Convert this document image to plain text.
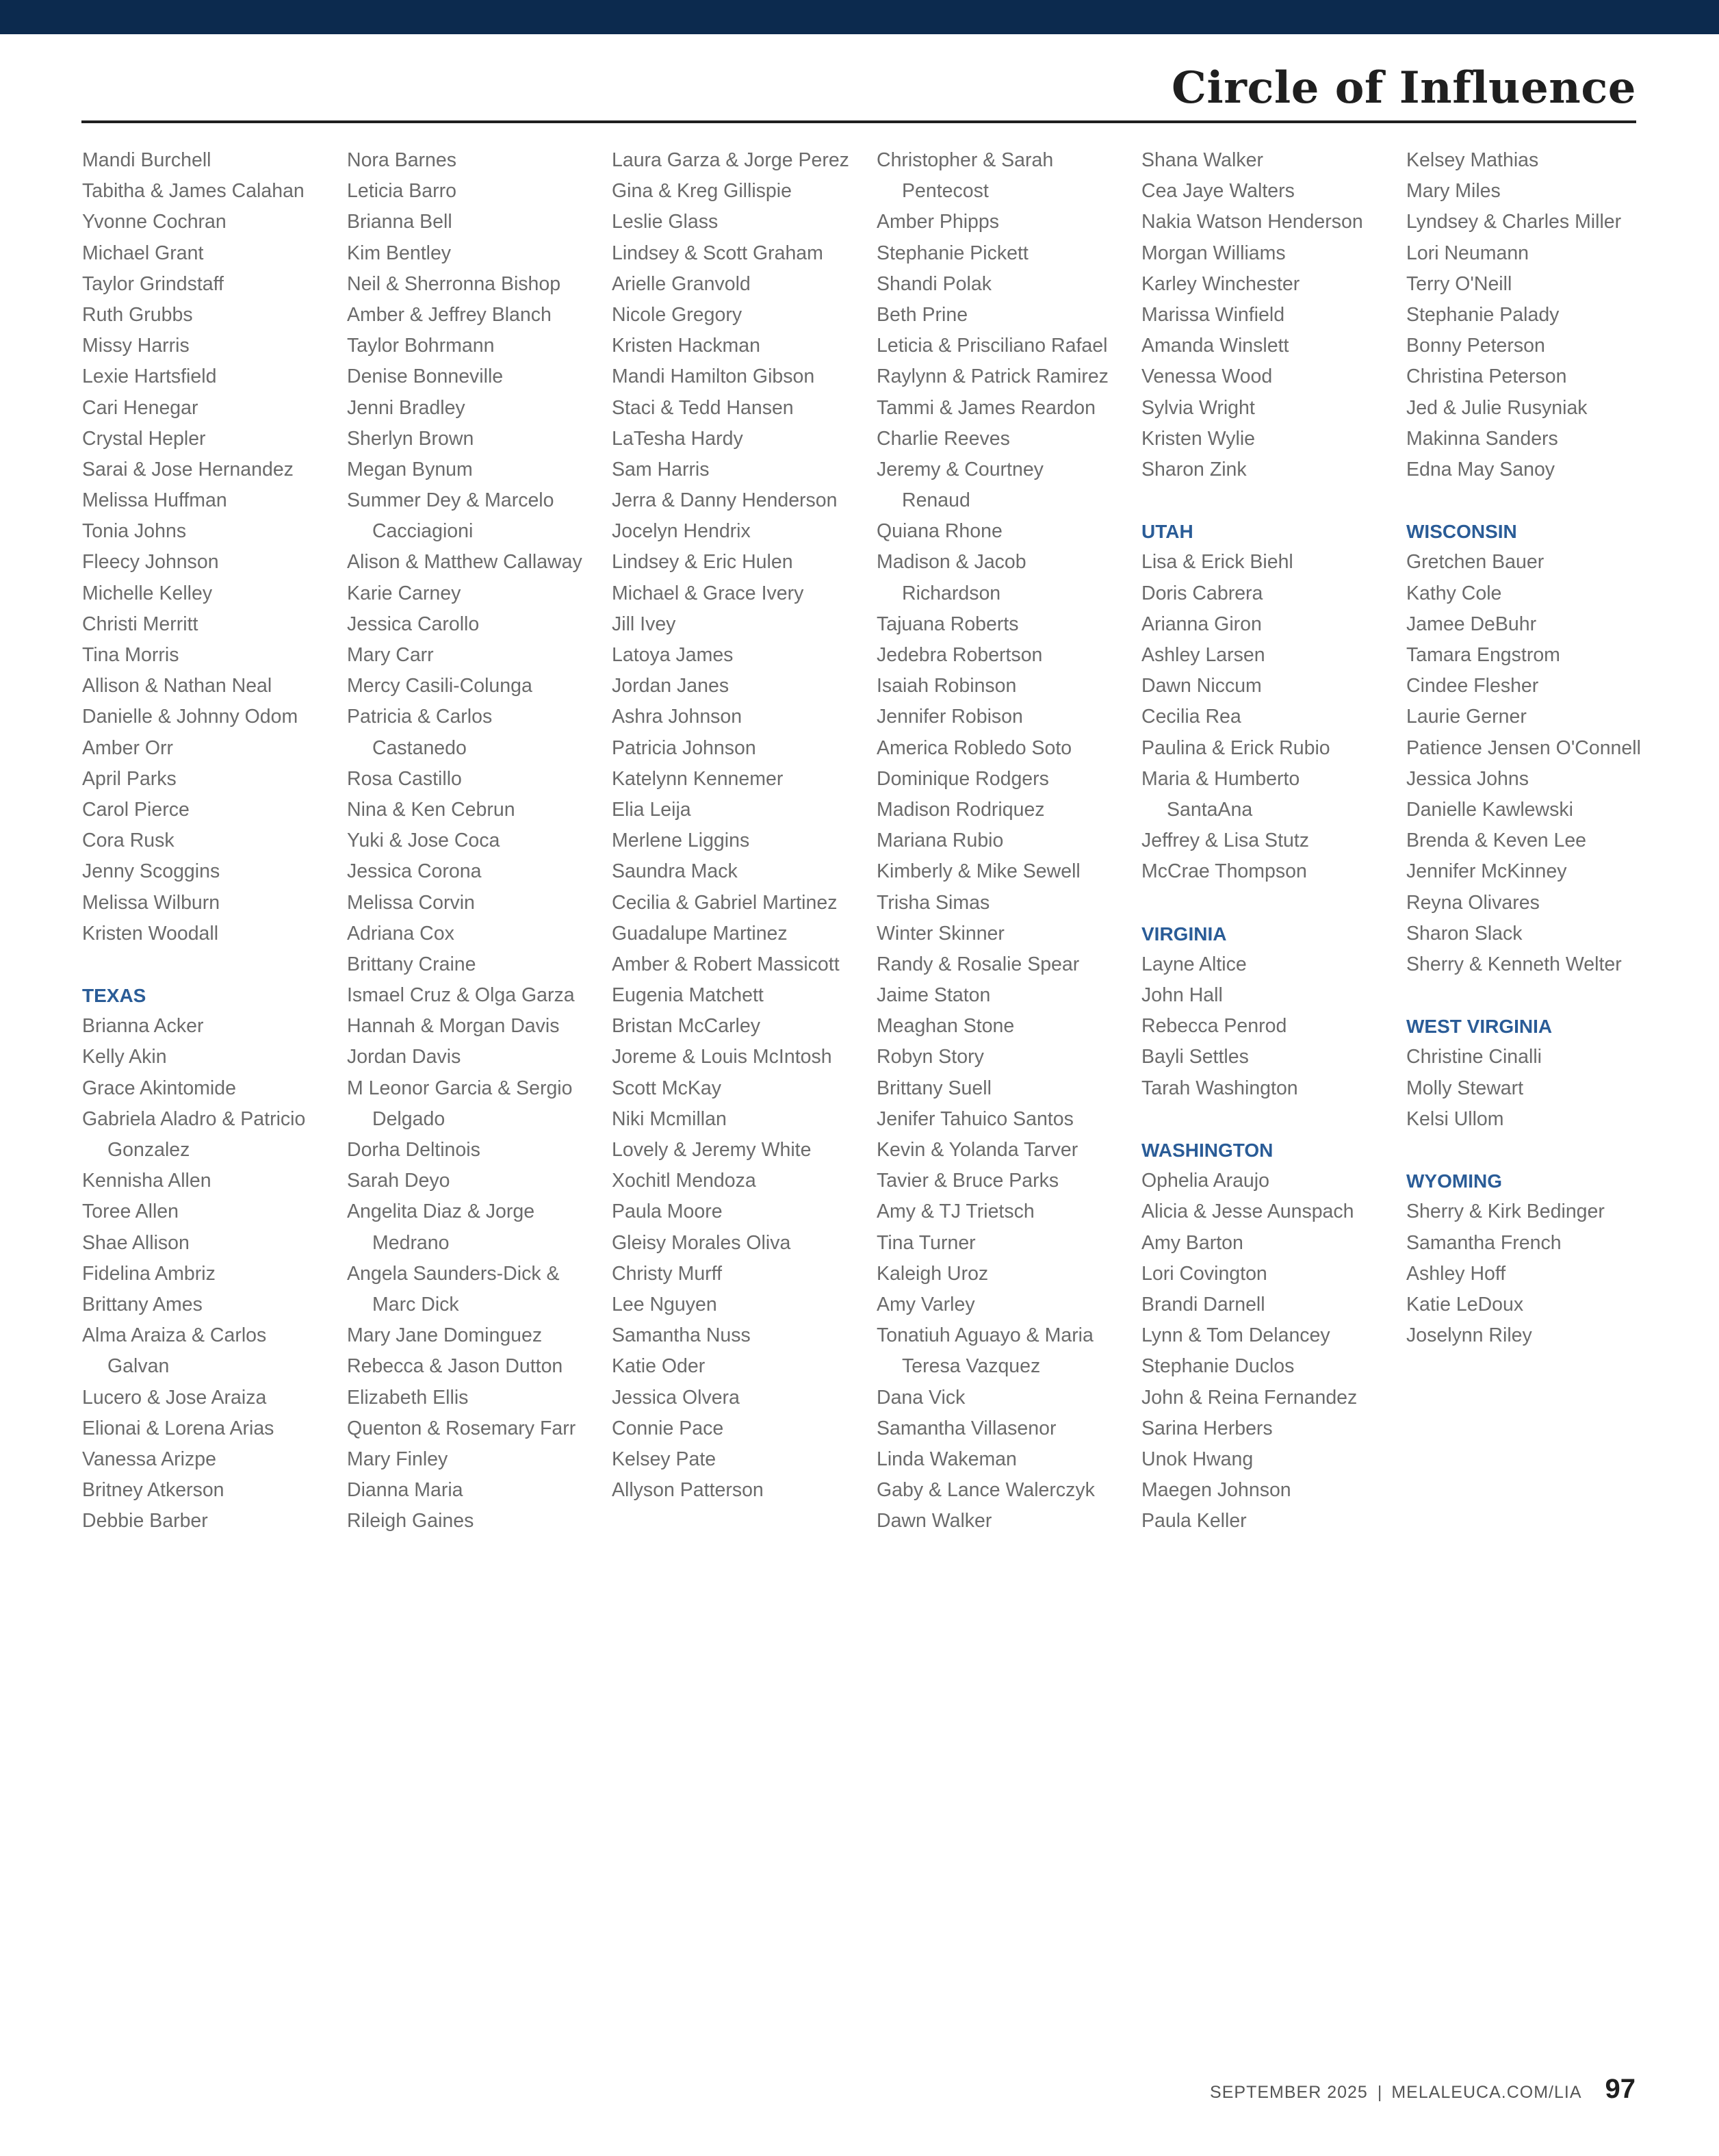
Circle of Influence
Mandi Burchell
Tabitha & James Calahan
Yvonne Cochran
Michael Grant
Taylor Grindstaff
Ruth Grubbs
Missy Harris
Lexie Hartsfield
Cari Henegar
Crystal Hepler
Sarai & Jose Hernandez
Melissa Huffman
Tonia Johns
Fleecy Johnson
Michelle Kelley
Christi Merritt
Tina Morris
Allison & Nathan Neal
Danielle & Johnny Odom
Amber Orr
April Parks
Carol Pierce
Cora Rusk
Jenny Scoggins
Melissa Wilburn
Kristen Woodall
TEXAS
Brianna Acker
Kelly Akin
Grace Akintomide
Gabriela Aladro & Patricio
Gonzalez
Kennisha Allen
Toree Allen
Shae Allison
Fidelina Ambriz
Brittany Ames
Alma Araiza & Carlos
Galvan
Lucero & Jose Araiza
Elionai & Lorena Arias
Vanessa Arizpe
Britney Atkerson
Debbie Barber
Nora Barnes
Leticia Barro
Brianna Bell
Kim Bentley
Neil & Sherronna Bishop
Amber & Jeffrey Blanch
Taylor Bohrmann
Denise Bonneville
Jenni Bradley
Sherlyn Brown
Megan Bynum
Summer Dey & Marcelo
Cacciagioni
Alison & Matthew Callaway
Karie Carney
Jessica Carollo
Mary Carr
Mercy Casili-Colunga
Patricia & Carlos
Castanedo
Rosa Castillo
Nina & Ken Cebrun
Yuki & Jose Coca
Jessica Corona
Melissa Corvin
Adriana Cox
Brittany Craine
Ismael Cruz & Olga Garza
Hannah & Morgan Davis
Jordan Davis
M Leonor Garcia & Sergio
Delgado
Dorha Deltinois
Sarah Deyo
Angelita Diaz & Jorge
Medrano
Angela Saunders-Dick &
Marc Dick
Mary Jane Dominguez
Rebecca & Jason Dutton
Elizabeth Ellis
Quenton & Rosemary Farr
Mary Finley
Dianna Maria
Rileigh Gaines
Laura Garza & Jorge Perez
Gina & Kreg Gillispie
Leslie Glass
Lindsey & Scott Graham
Arielle Granvold
Nicole Gregory
Kristen Hackman
Mandi Hamilton Gibson
Staci & Tedd Hansen
LaTesha Hardy
Sam Harris
Jerra & Danny Henderson
Jocelyn Hendrix
Lindsey & Eric Hulen
Michael & Grace Ivery
Jill Ivey
Latoya James
Jordan Janes
Ashra Johnson
Patricia Johnson
Katelynn Kennemer
Elia Leija
Merlene Liggins
Saundra Mack
Cecilia & Gabriel Martinez
Guadalupe Martinez
Amber & Robert Massicott
Eugenia Matchett
Bristan McCarley
Joreme & Louis McIntosh
Scott McKay
Niki Mcmillan
Lovely & Jeremy White
Xochitl Mendoza
Paula Moore
Gleisy Morales Oliva
Christy Murff
Lee Nguyen
Samantha Nuss
Katie Oder
Jessica Olvera
Connie Pace
Kelsey Pate
Allyson Patterson
Christopher & Sarah
Pentecost
Amber Phipps
Stephanie Pickett
Shandi Polak
Beth Prine
Leticia & Prisciliano Rafael
Raylynn & Patrick Ramirez
Tammi & James Reardon
Charlie Reeves
Jeremy & Courtney
Renaud
Quiana Rhone
Madison & Jacob
Richardson
Tajuana Roberts
Jedebra Robertson
Isaiah Robinson
Jennifer Robison
America Robledo Soto
Dominique Rodgers
Madison Rodriquez
Mariana Rubio
Kimberly & Mike Sewell
Trisha Simas
Winter Skinner
Randy & Rosalie Spear
Jaime Staton
Meaghan Stone
Robyn Story
Brittany Suell
Jenifer Tahuico Santos
Kevin & Yolanda Tarver
Tavier & Bruce Parks
Amy & TJ Trietsch
Tina Turner
Kaleigh Uroz
Amy Varley
Tonatiuh Aguayo & Maria
Teresa Vazquez
Dana Vick
Samantha Villasenor
Linda Wakeman
Gaby & Lance Walerczyk
Dawn Walker
Shana Walker
Cea Jaye Walters
Nakia Watson Henderson
Morgan Williams
Karley Winchester
Marissa Winfield
Amanda Winslett
Venessa Wood
Sylvia Wright
Kristen Wylie
Sharon Zink
UTAH
Lisa & Erick Biehl
Doris Cabrera
Arianna Giron
Ashley Larsen
Dawn Niccum
Cecilia Rea
Paulina & Erick Rubio
Maria & Humberto
SantaAna
Jeffrey & Lisa Stutz
McCrae Thompson
VIRGINIA
Layne Altice
John Hall
Rebecca Penrod
Bayli Settles
Tarah Washington
WASHINGTON
Ophelia Araujo
Alicia & Jesse Aunspach
Amy Barton
Lori Covington
Brandi Darnell
Lynn & Tom Delancey
Stephanie Duclos
John & Reina Fernandez
Sarina Herbers
Unok Hwang
Maegen Johnson
Paula Keller
Kelsey Mathias
Mary Miles
Lyndsey & Charles Miller
Lori Neumann
Terry O'Neill
Stephanie Palady
Bonny Peterson
Christina Peterson
Jed & Julie Rusyniak
Makinna Sanders
Edna May Sanoy
WISCONSIN
Gretchen Bauer
Kathy Cole
Jamee DeBuhr
Tamara Engstrom
Cindee Flesher
Laurie Gerner
Patience Jensen O'Connell
Jessica Johns
Danielle Kawlewski
Brenda & Keven Lee
Jennifer McKinney
Reyna Olivares
Sharon Slack
Sherry & Kenneth Welter
WEST VIRGINIA
Christine Cinalli
Molly Stewart
Kelsi Ullom
WYOMING
Sherry & Kirk Bedinger
Samantha French
Ashley Hoff
Katie LeDoux
Joselynn Riley
SEPTEMBER 2025 | MELALEUCA.COM/LIA 97
